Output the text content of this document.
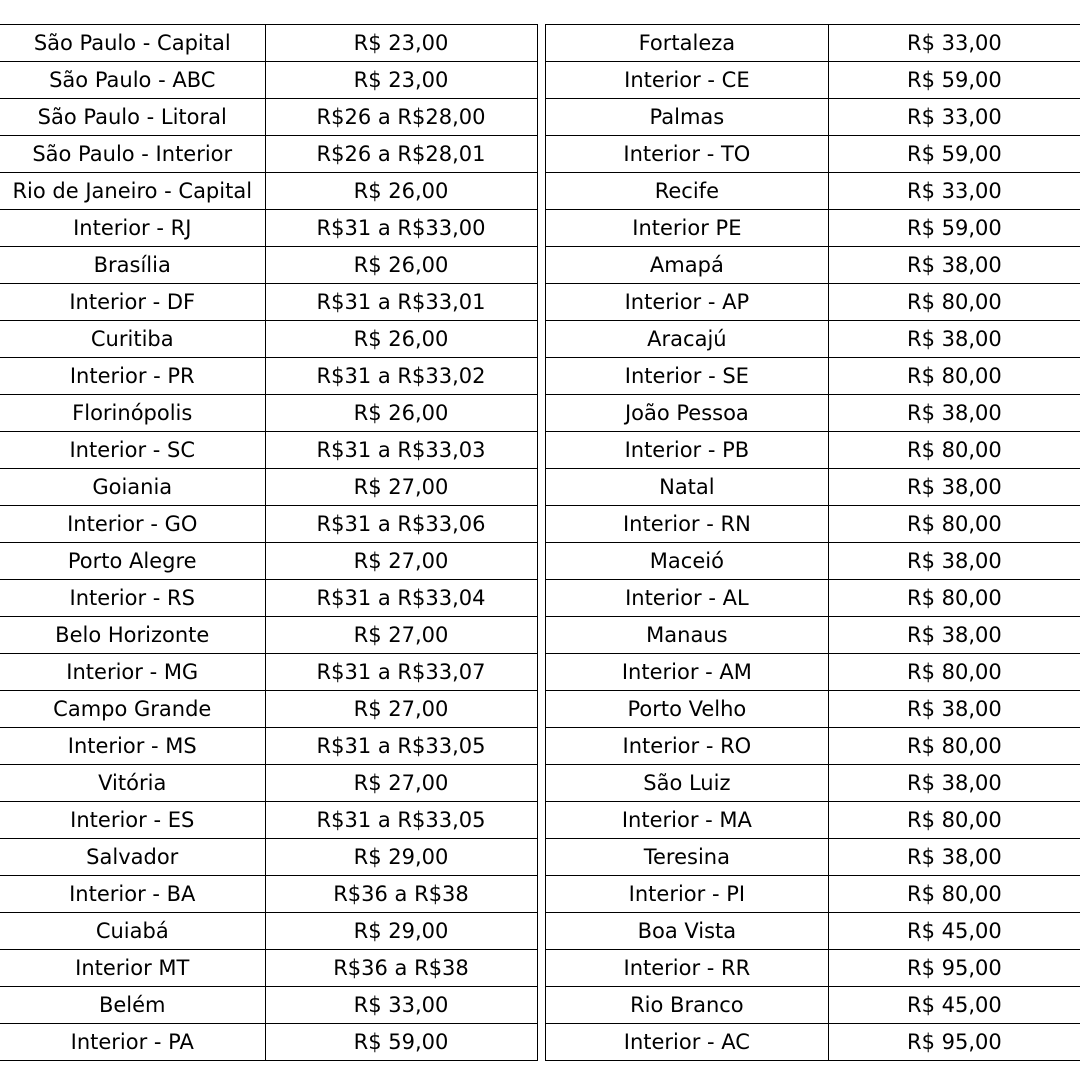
São Paulo - Capital	R$ 23,00
São Paulo - ABC	R$ 23,00
São Paulo - Litoral	R$26 a R$28,00
São Paulo - Interior	R$26 a R$28,01
Rio de Janeiro - Capital	R$ 26,00
Interior - RJ	R$31 a R$33,00
Brasília	R$ 26,00
Interior - DF	R$31 a R$33,01
Curitiba	R$ 26,00
Interior - PR	R$31 a R$33,02
Florinópolis	R$ 26,00
Interior - SC	R$31 a R$33,03
Goiania	R$ 27,00
Interior - GO	R$31 a R$33,06
Porto Alegre	R$ 27,00
Interior - RS	R$31 a R$33,04
Belo Horizonte	R$ 27,00
Interior - MG	R$31 a R$33,07
Campo Grande	R$ 27,00
Interior - MS	R$31 a R$33,05
Vitória	R$ 27,00
Interior - ES	R$31 a R$33,05
Salvador	R$ 29,00
Interior - BA	R$36 a R$38
Cuiabá	R$ 29,00
Interior MT	R$36 a R$38
Belém	R$ 33,00
Interior - PA	R$ 59,00
Fortaleza	R$ 33,00
Interior - CE	R$ 59,00
Palmas	R$ 33,00
Interior - TO	R$ 59,00
Recife	R$ 33,00
Interior PE	R$ 59,00
Amapá	R$ 38,00
Interior - AP	R$ 80,00
Aracajú	R$ 38,00
Interior - SE	R$ 80,00
João Pessoa	R$ 38,00
Interior - PB	R$ 80,00
Natal	R$ 38,00
Interior - RN	R$ 80,00
Maceió	R$ 38,00
Interior - AL	R$ 80,00
Manaus	R$ 38,00
Interior - AM	R$ 80,00
Porto Velho	R$ 38,00
Interior - RO	R$ 80,00
São Luiz	R$ 38,00
Interior - MA	R$ 80,00
Teresina	R$ 38,00
Interior - PI	R$ 80,00
Boa Vista	R$ 45,00
Interior - RR	R$ 95,00
Rio Branco	R$ 45,00
Interior - AC	R$ 95,00
